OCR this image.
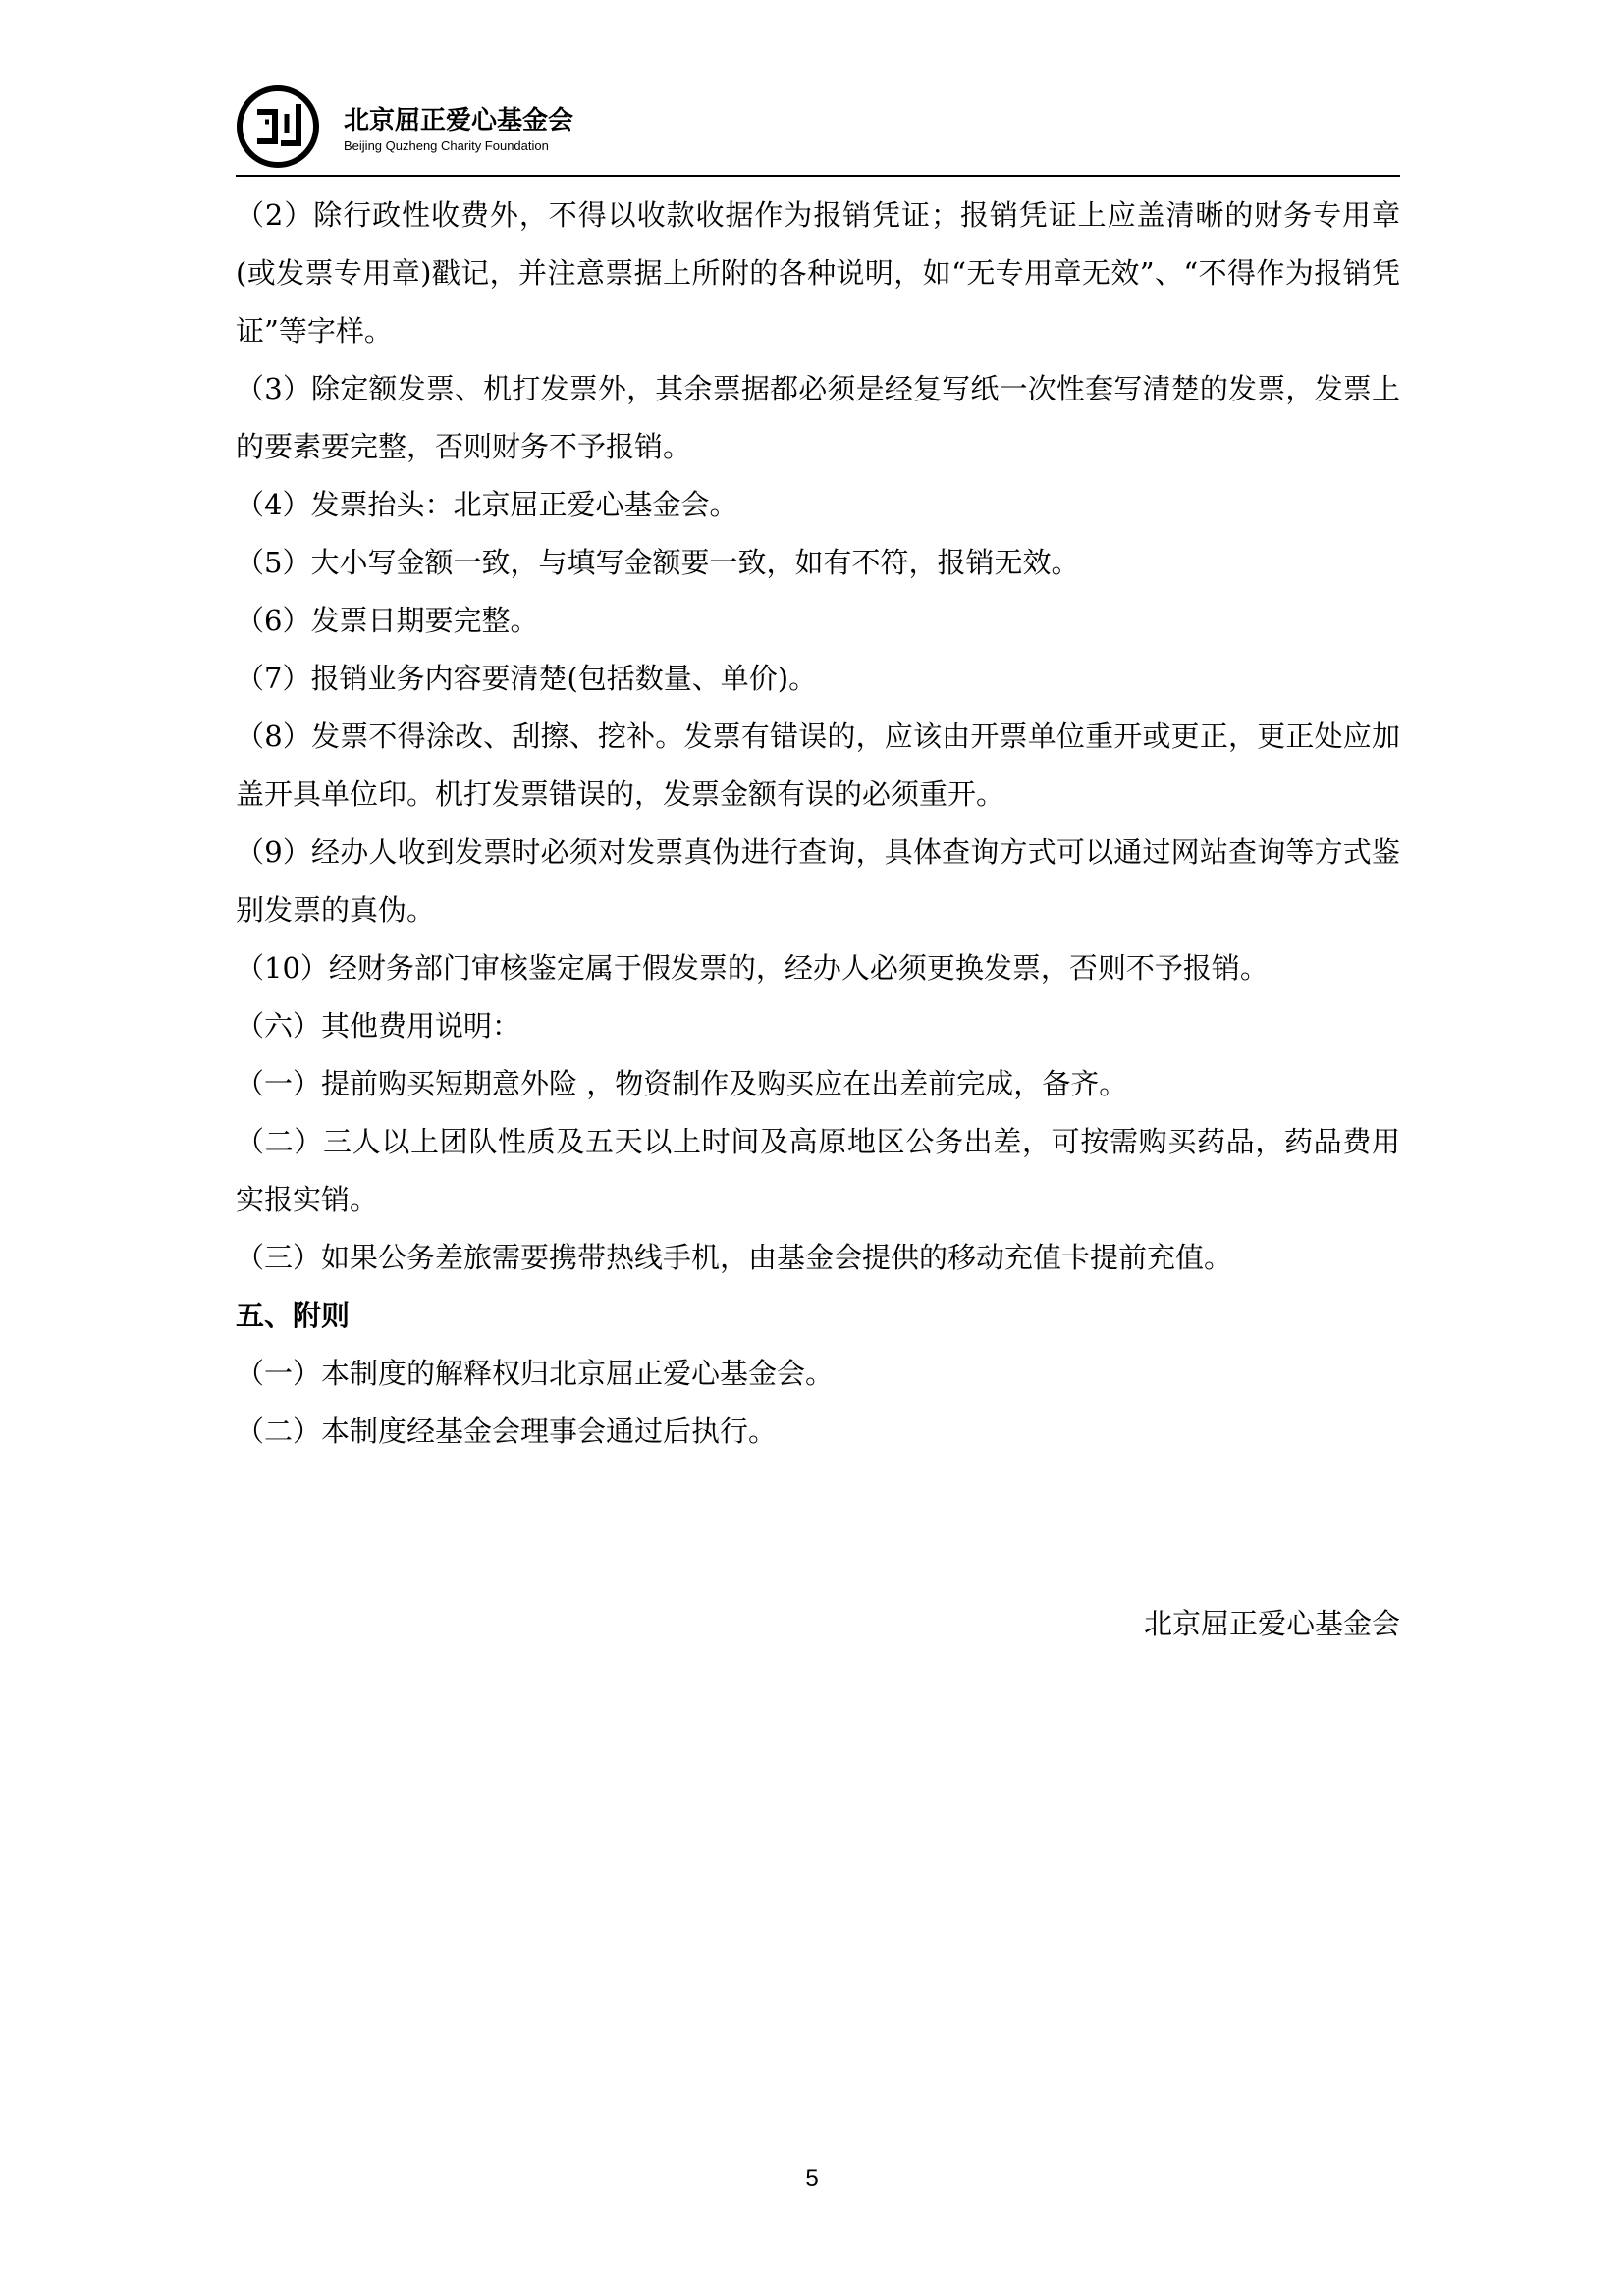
北京屈正爱心基金会
Beijing Quzheng Charity Foundation

（2）除行政性收费外，不得以收款收据作为报销凭证；报销凭证上应盖清晰的财务专用章(或发票专用章)戳记，并注意票据上所附的各种说明，如“无专用章无效”、“不得作为报销凭证”等字样。

（3）除定额发票、机打发票外，其余票据都必须是经复写纸一次性套写清楚的发票，发票上的要素要完整，否则财务不予报销。

（4）发票抬头：北京屈正爱心基金会。

（5）大小写金额一致，与填写金额要一致，如有不符，报销无效。

（6）发票日期要完整。

（7）报销业务内容要清楚(包括数量、单价)。

（8）发票不得涂改、刮擦、挖补。发票有错误的，应该由开票单位重开或更正，更正处应加盖开具单位印。机打发票错误的，发票金额有误的必须重开。

（9）经办人收到发票时必须对发票真伪进行查询，具体查询方式可以通过网站查询等方式鉴别发票的真伪。

（10）经财务部门审核鉴定属于假发票的，经办人必须更换发票，否则不予报销。

（六）其他费用说明：

（一）提前购买短期意外险 ，物资制作及购买应在出差前完成，备齐。

（二）三人以上团队性质及五天以上时间及高原地区公务出差，可按需购买药品，药品费用实报实销。

（三）如果公务差旅需要携带热线手机，由基金会提供的移动充值卡提前充值。

五、附则

（一）本制度的解释权归北京屈正爱心基金会。

（二）本制度经基金会理事会通过后执行。

北京屈正爱心基金会
5
